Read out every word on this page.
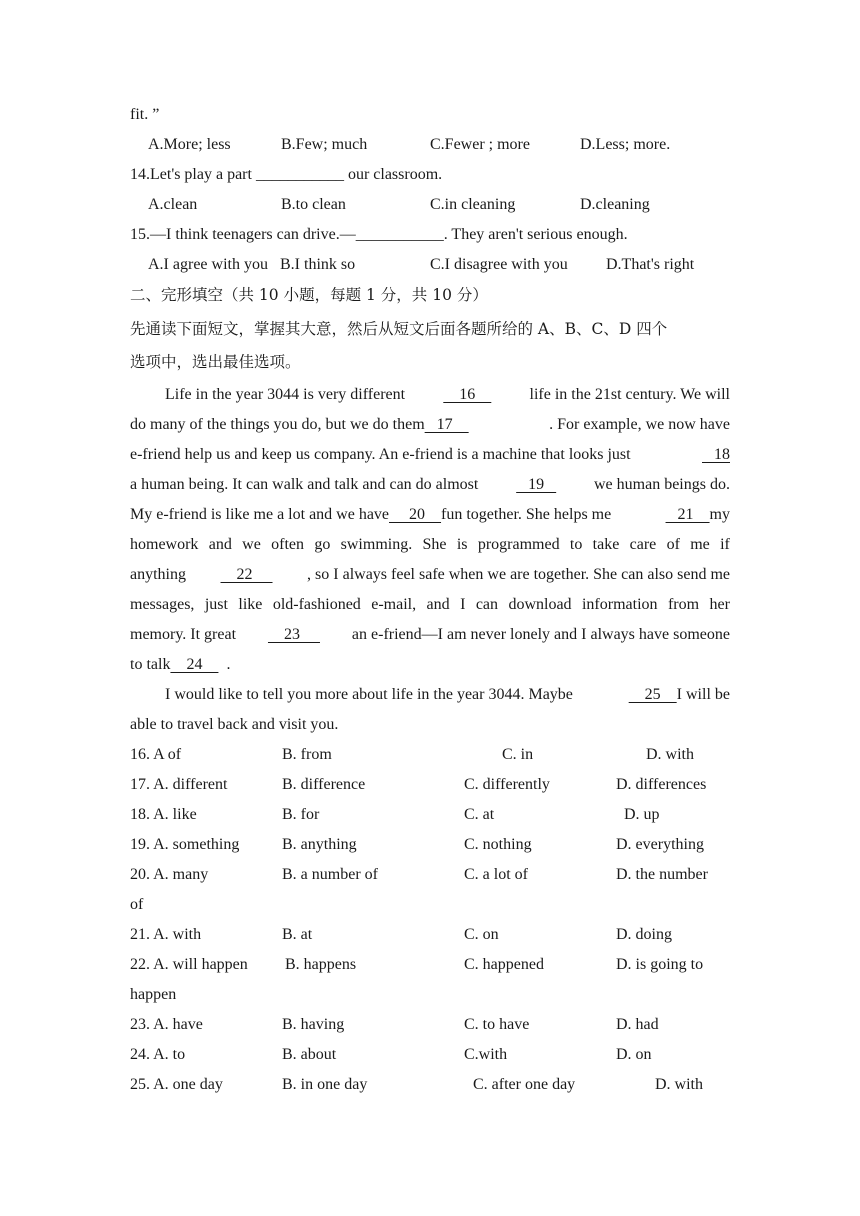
fit. ”
A.More; less	B.Few; much	C.Fewer ; more	D.Less; more.
14.Let's play a part ___________ our classroom.
A.clean	B.to clean	C.in cleaning	D.cleaning
15.—I think teenagers can drive.—___________. They aren't serious enough.
A.I agree with you B.I think so	C.I disagree with you D.That's right
二、完形填空（共 10 小题，每题 1 分，共 10 分）
先通读下面短文，掌握其大意，然后从短文后面各题所给的 A、B、C、D 四个
选项中，选出最佳选项。
Life in the year 3044 is very different 16 life in the 21st century. We will
do many of the things you do, but we do them   17	. For example, we now have
e-friend help us and keep us company. An e-friend is a machine that looks just	18
a human being. It can walk and talk and can do almost 19 we human beings do.
My e-friend is like me a lot and we have     20    fun together. She helps me	21    my
homework and we often go swimming. She is programmed to take care of me if
anything 22 , so I always feel safe when we are together. She can also send me
messages, just like old-fashioned e-mail, and I can download information from her
memory. It great 23 an e-friend—I am never lonely and I always have someone
to talk    24      .
I would like to tell you more about life in the year 3044. Maybe	25    I will be
able to travel back and visit you.
16. A of	B. from	C. in	D. with
17. A. different	B. difference	C. differently	D. differences
18. A. like	B. for	C. at	D. up
19. A. something	B. anything	C. nothing	D. everything
20. A. many	B. a number of	C. a lot of	D. the number
of
21. A. with	B. at	C. on	D. doing
22. A. will happen B. happens	C. happened	D. is going to
happen
23. A. have	B. having	C. to have	D. had
24. A. to	B. about	C.with	D. on
25. A. one day	B. in one day	C. after one day	D. with
